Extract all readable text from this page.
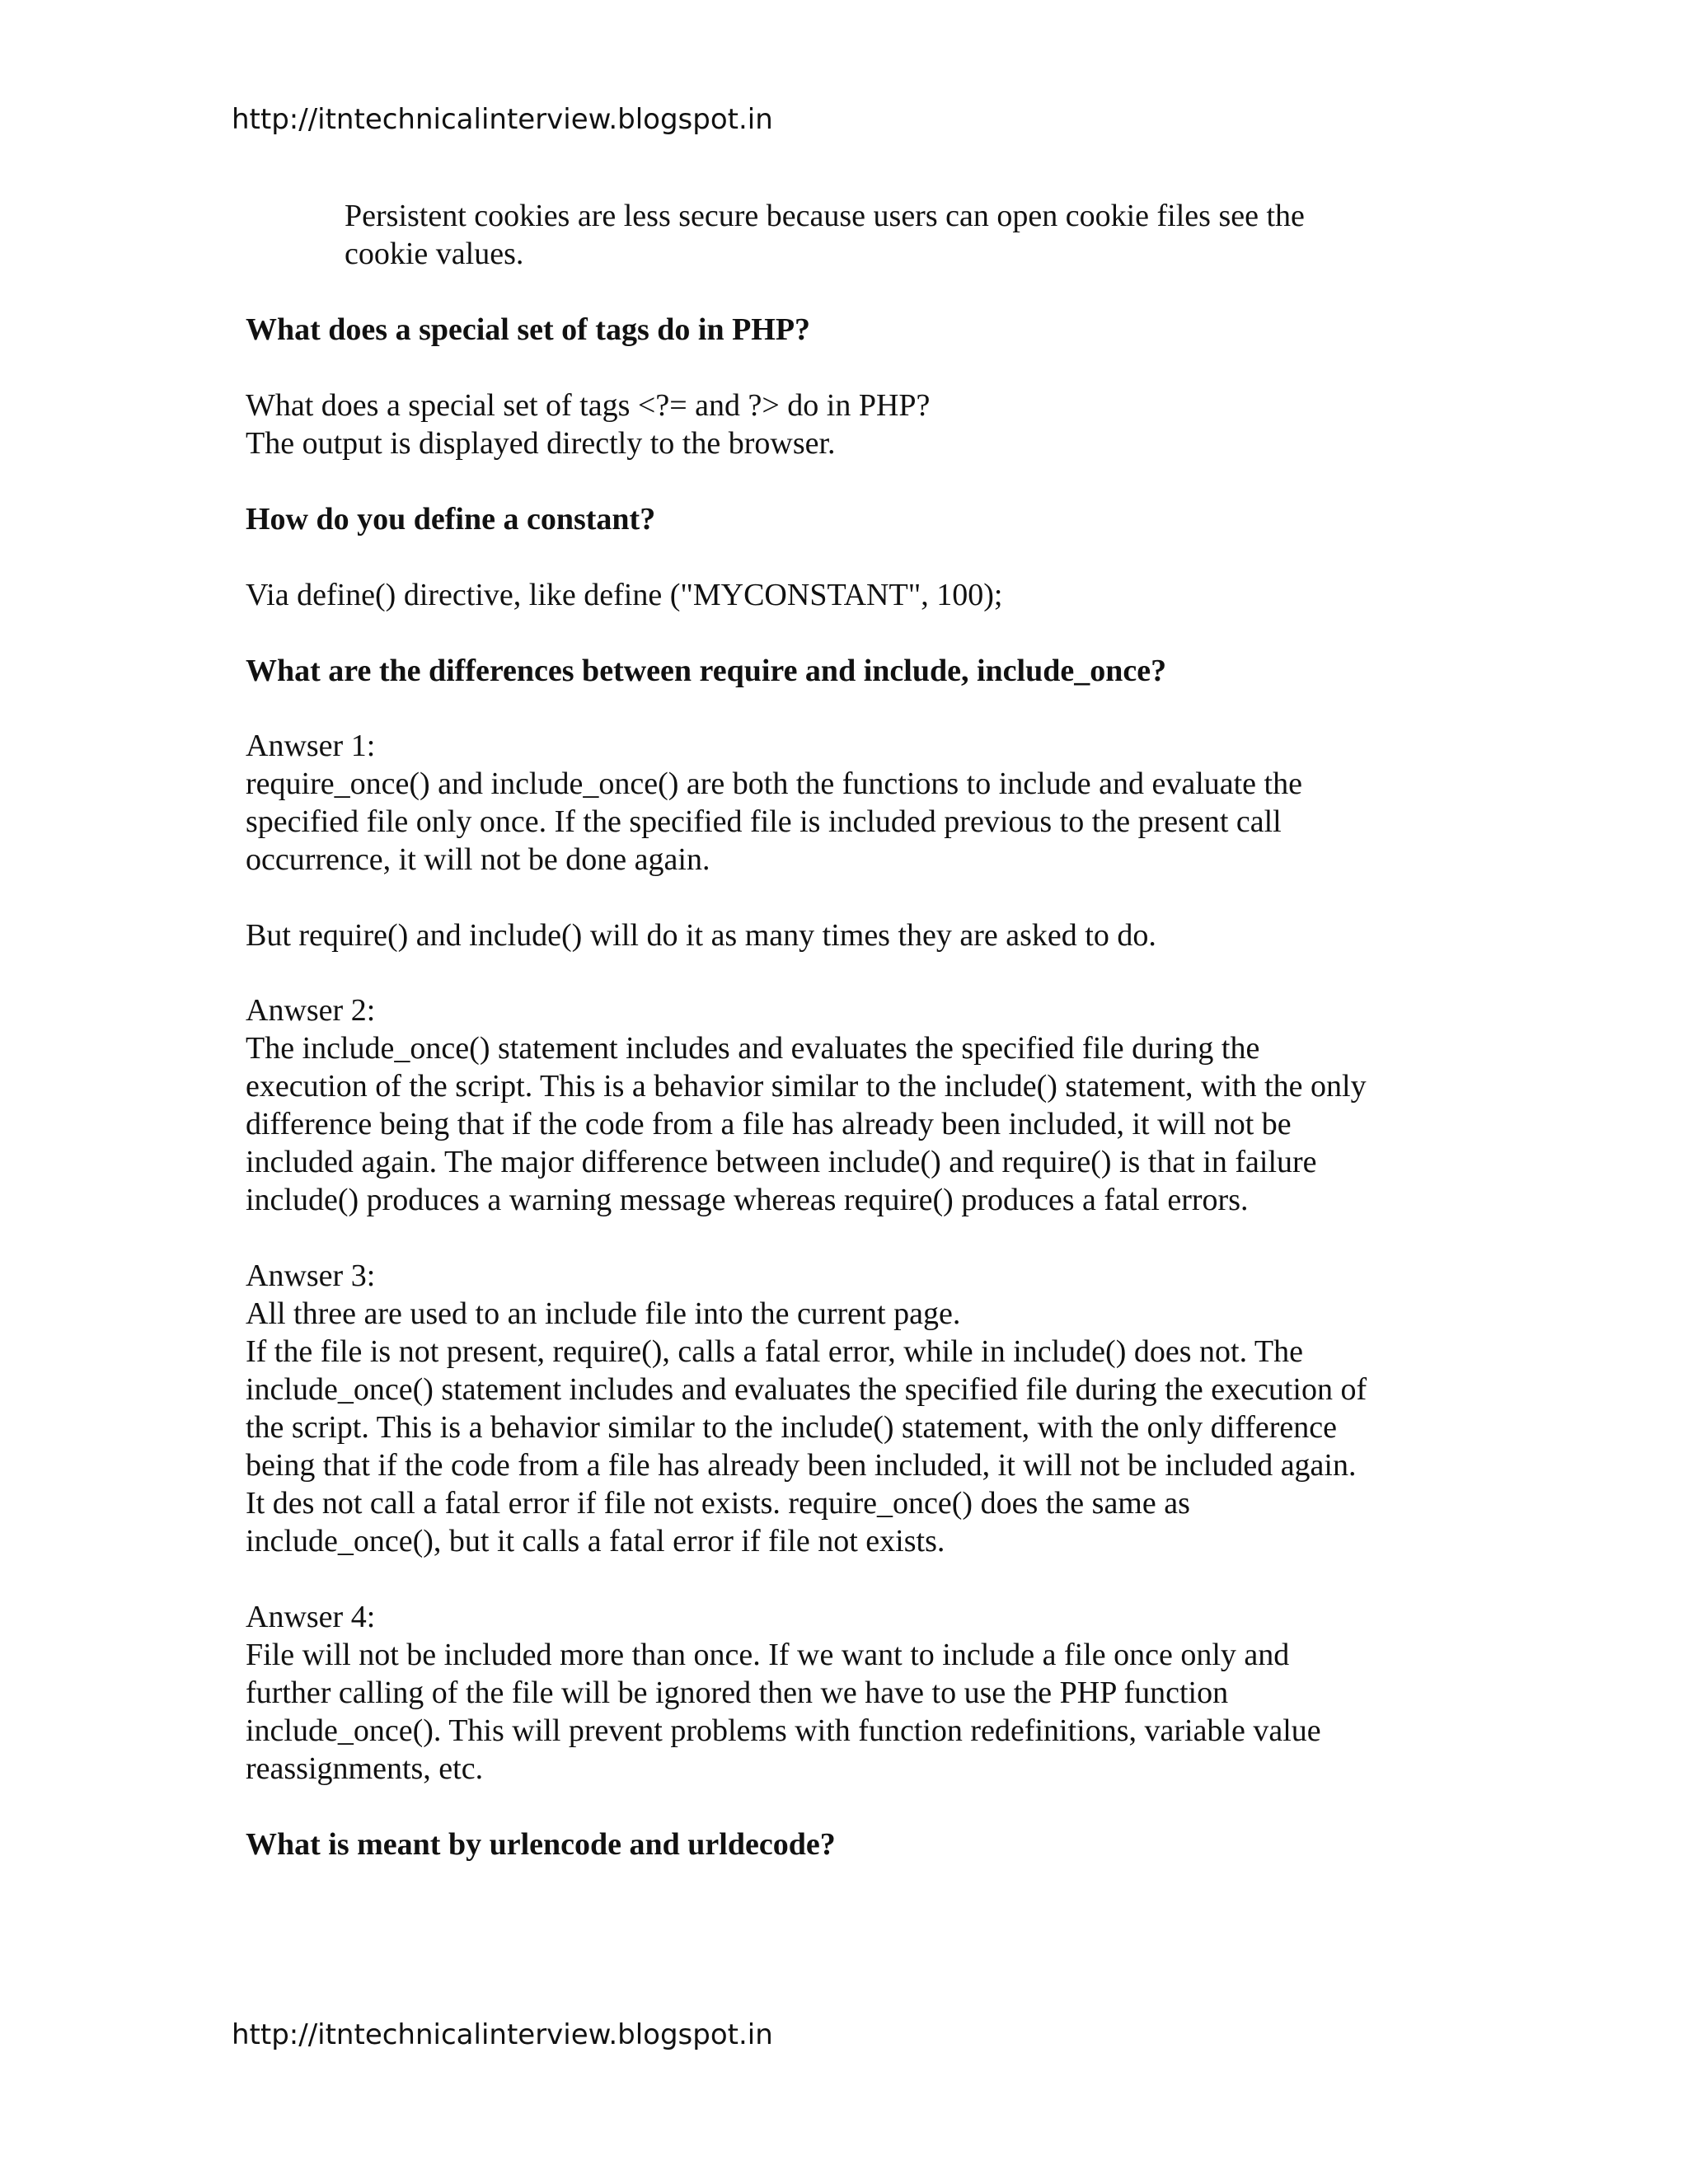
http://itntechnicalinterview.blogspot.in
Persistent cookies are less secure because users can open cookie files see the
cookie values.
What does a special set of tags do in PHP?
What does a special set of tags <?= and ?> do in PHP?
The output is displayed directly to the browser.
How do you define a constant?
Via define() directive, like define ("MYCONSTANT", 100);
What are the differences between require and include, include_once?
Anwser 1:
require_once() and include_once() are both the functions to include and evaluate the
specified file only once. If the specified file is included previous to the present call
occurrence, it will not be done again.
But require() and include() will do it as many times they are asked to do.
Anwser 2:
The include_once() statement includes and evaluates the specified file during the
execution of the script. This is a behavior similar to the include() statement, with the only
difference being that if the code from a file has already been included, it will not be
included again. The major difference between include() and require() is that in failure
include() produces a warning message whereas require() produces a fatal errors.
Anwser 3:
All three are used to an include file into the current page.
If the file is not present, require(), calls a fatal error, while in include() does not. The
include_once() statement includes and evaluates the specified file during the execution of
the script. This is a behavior similar to the include() statement, with the only difference
being that if the code from a file has already been included, it will not be included again.
It des not call a fatal error if file not exists. require_once() does the same as
include_once(), but it calls a fatal error if file not exists.
Anwser 4:
File will not be included more than once. If we want to include a file once only and
further calling of the file will be ignored then we have to use the PHP function
include_once(). This will prevent problems with function redefinitions, variable value
reassignments, etc.
What is meant by urlencode and urldecode?
http://itntechnicalinterview.blogspot.in
